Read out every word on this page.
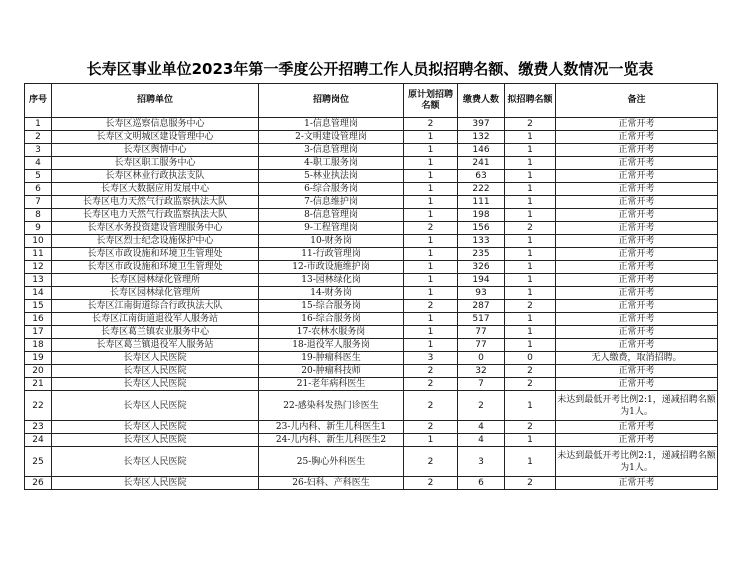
长寿区事业单位2023年第一季度公开招聘工作人员拟招聘名额、缴费人数情况一览表
序号	招聘单位	招聘岗位	原计划招聘名额	缴费人数	拟招聘名额	备注
1	长寿区巡察信息服务中心	1-信息管理岗	2	397	2	正常开考
2	长寿区文明城区建设管理中心	2-文明建设管理岗	1	132	1	正常开考
3	长寿区舆情中心	3-信息管理岗	1	146	1	正常开考
4	长寿区职工服务中心	4-职工服务岗	1	241	1	正常开考
5	长寿区林业行政执法支队	5-林业执法岗	1	63	1	正常开考
6	长寿区大数据应用发展中心	6-综合服务岗	1	222	1	正常开考
7	长寿区电力天然气行政监察执法大队	7-信息维护岗	1	111	1	正常开考
8	长寿区电力天然气行政监察执法大队	8-信息管理岗	1	198	1	正常开考
9	长寿区水务投资建设管理服务中心	9-工程管理岗	2	156	2	正常开考
10	长寿区烈士纪念设施保护中心	10-财务岗	1	133	1	正常开考
11	长寿区市政设施和环境卫生管理处	11-行政管理岗	1	235	1	正常开考
12	长寿区市政设施和环境卫生管理处	12-市政设施维护岗	1	326	1	正常开考
13	长寿区园林绿化管理所	13-园林绿化岗	1	194	1	正常开考
14	长寿区园林绿化管理所	14-财务岗	1	93	1	正常开考
15	长寿区江南街道综合行政执法大队	15-综合服务岗	2	287	2	正常开考
16	长寿区江南街道退役军人服务站	16-综合服务岗	1	517	1	正常开考
17	长寿区葛兰镇农业服务中心	17-农林水服务岗	1	77	1	正常开考
18	长寿区葛兰镇退役军人服务站	18-退役军人服务岗	1	77	1	正常开考
19	长寿区人民医院	19-肿瘤科医生	3	0	0	无人缴费，取消招聘。
20	长寿区人民医院	20-肿瘤科技师	2	32	2	正常开考
21	长寿区人民医院	21-老年病科医生	2	7	2	正常开考
22	长寿区人民医院	22-感染科发热门诊医生	2	2	1	未达到最低开考比例2:1，递减招聘名额为1人。
23	长寿区人民医院	23-儿内科、新生儿科医生1	2	4	2	正常开考
24	长寿区人民医院	24-儿内科、新生儿科医生2	1	4	1	正常开考
25	长寿区人民医院	25-胸心外科医生	2	3	1	未达到最低开考比例2:1，递减招聘名额为1人。
26	长寿区人民医院	26-妇科、产科医生	2	6	2	正常开考
